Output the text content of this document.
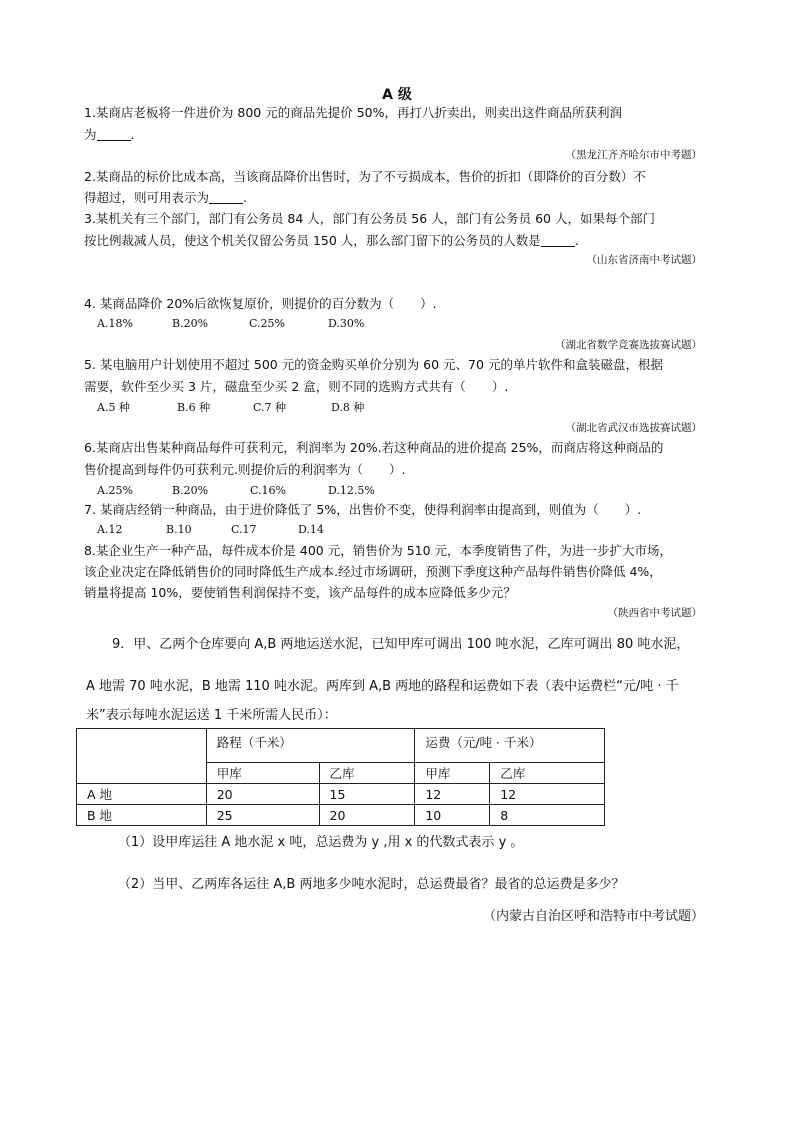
A 级
1.某商店老板将一件进价为 800 元的商品先提价 50%，再打八折卖出，则卖出这件商品所获利润
为	.
（黑龙江齐齐哈尔市中考题）
2.某商品的标价比成本高，当该商品降价出售时，为了不亏损成本，售价的折扣（即降价的百分数）不
得超过，则可用表示为	.
3.某机关有三个部门，部门有公务员 84 人，部门有公务员 56 人，部门有公务员 60 人，如果每个部门
按比例裁减人员，使这个机关仅留公务员 150 人，那么部门留下的公务员的人数是	.
（山东省济南中考试题）
4. 某商品降价 20%后欲恢复原价，则提价的百分数为（ ）.
A.18%	B.20%	C.25%	D.30%
（湖北省数学竞赛选拔赛试题）
5. 某电脑用户计划使用不超过 500 元的资金购买单价分别为 60 元、70 元的单片软件和盒装磁盘，根据
需要，软件至少买 3 片，磁盘至少买 2 盒，则不同的选购方式共有（ ）.
A.5 种	B.6 种	C.7 种	D.8 种
（湖北省武汉市选拔赛试题）
6.某商店出售某种商品每件可获利元，利润率为 20%.若这种商品的进价提高 25%，而商店将这种商品的
售价提高到每件仍可获利元.则提价后的利润率为（ ）.
A.25%	B.20%	C.16%	D.12.5%
7. 某商店经销一种商品，由于进价降低了 5%，出售价不变，使得利润率由提高到，则值为（ ）.
A.12	B.10	C.17	D.14
8.某企业生产一种产品，每件成本价是 400 元，销售价为 510 元，本季度销售了件，为进一步扩大市场，
该企业决定在降低销售价的同时降低生产成本.经过市场调研，预测下季度这种产品每件销售价降低 4%，
销量将提高 10%，要使销售利润保持不变，该产品每件的成本应降低多少元？
（陕西省中考试题）
9．甲、乙两个仓库要向 A,B 两地运送水泥，已知甲库可调出 100 吨水泥，乙库可调出 80 吨水泥，
A 地需 70 吨水泥，B 地需 110 吨水泥。两库到 A,B 两地的路程和运费如下表（表中运费栏“元/吨 · 千
米”表示每吨水泥运送 1 千米所需人民币）：
	路程（千米）		运费（元/吨 · 千米）	
	甲库	乙库	甲库	乙库
A 地	20	15	12	12
B 地	25	20	10	8
（1）设甲库运往 A 地水泥 x 吨，总运费为 y ,用 x 的代数式表示 y 。
（2）当甲、乙两库各运往 A,B 两地多少吨水泥时，总运费最省？最省的总运费是多少？
（内蒙古自治区呼和浩特市中考试题）
